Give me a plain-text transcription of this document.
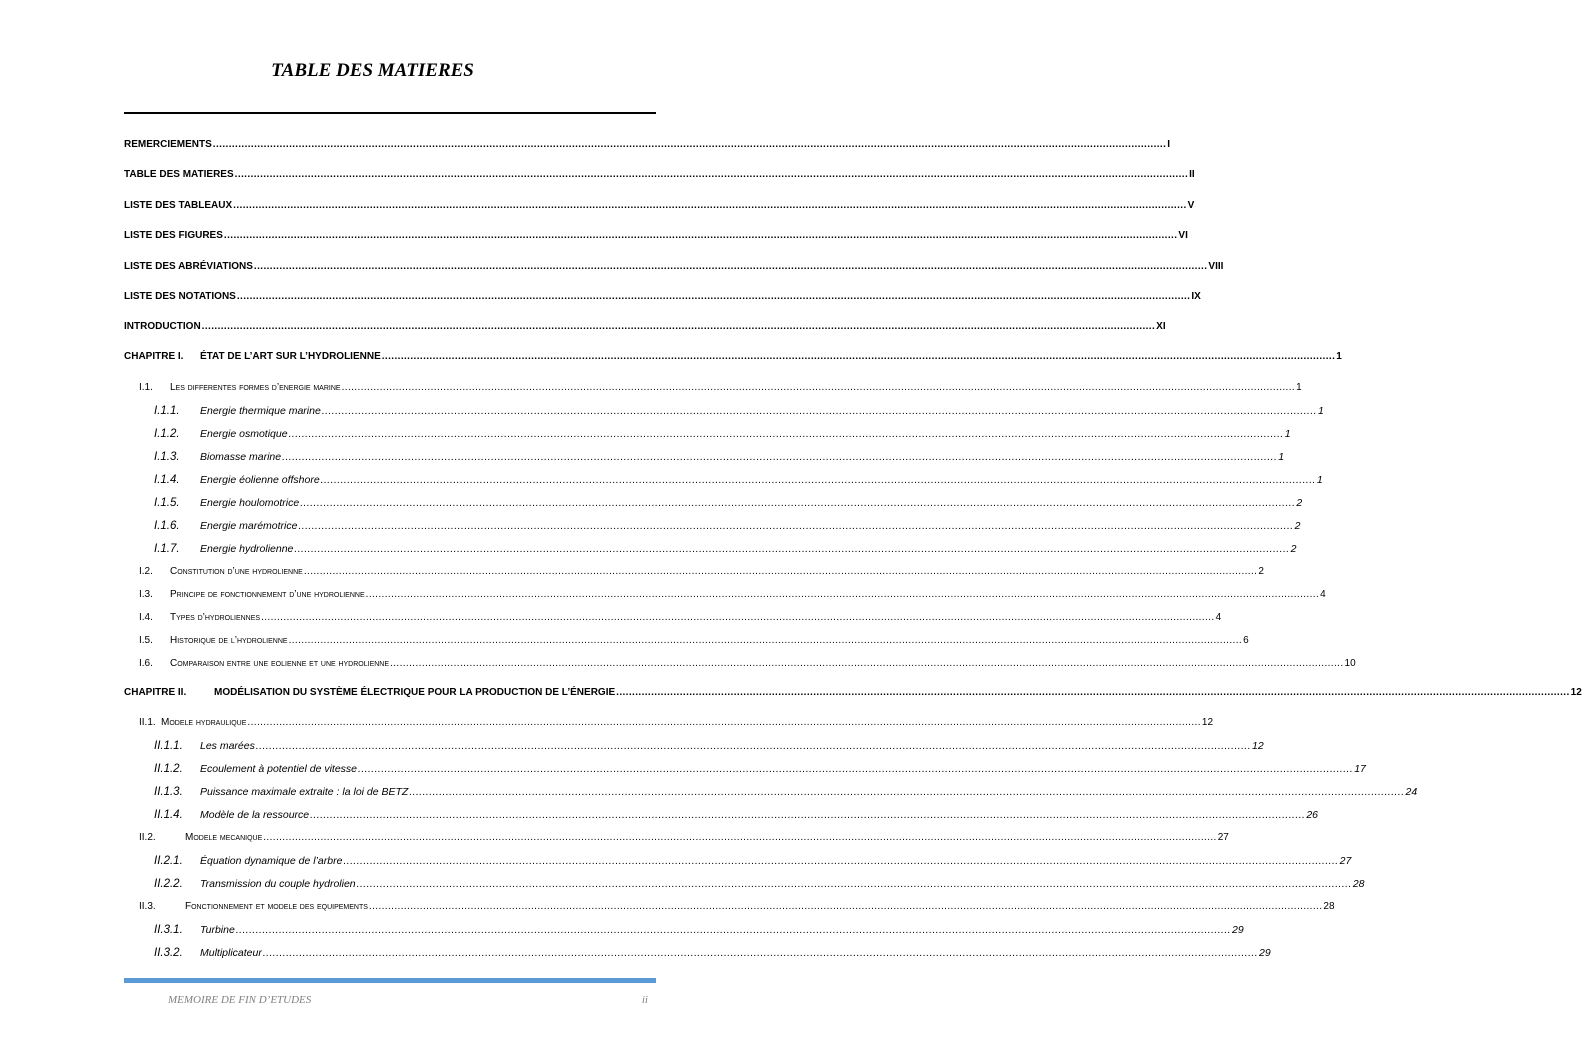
TABLE DES MATIERES
REMERCIEMENTS ............................................................................................................................................................................................................................................................................................................ I
TABLE DES MATIERES ............................................................................................................................................................................................................................................................................................................ II
LISTE DES TABLEAUX ............................................................................................................................................................................................................................................................................................................ V
LISTE DES FIGURES ............................................................................................................................................................................................................................................................................................................ VI
LISTE DES ABRÉVIATIONS ............................................................................................................................................................................................................................................................................................................ VIII
LISTE DES NOTATIONS ............................................................................................................................................................................................................................................................................................................ IX
INTRODUCTION ............................................................................................................................................................................................................................................................................................................ XI
CHAPITRE I.	ÉTAT DE L’ART SUR L’HYDROLIENNE ............................................................................................................................................................................................................................................................................................................ 1
I.1.	Les differentes formes d’energie marine ............................................................................................................................................................................................................................................................................................................ 1
I.1.1.	Energie thermique marine ............................................................................................................................................................................................................................................................................................................ 1
I.1.2.	Energie osmotique ............................................................................................................................................................................................................................................................................................................ 1
I.1.3.	Biomasse marine ............................................................................................................................................................................................................................................................................................................ 1
I.1.4.	Energie éolienne offshore ............................................................................................................................................................................................................................................................................................................ 1
I.1.5.	Energie houlomotrice ............................................................................................................................................................................................................................................................................................................ 2
I.1.6.	Energie marémotrice ............................................................................................................................................................................................................................................................................................................ 2
I.1.7.	Energie hydrolienne ............................................................................................................................................................................................................................................................................................................ 2
I.2.	Constitution d’une hydrolienne ............................................................................................................................................................................................................................................................................................................ 2
I.3.	Principe de fonctionnement d’une hydrolienne ............................................................................................................................................................................................................................................................................................................ 4
I.4.	Types d’hydroliennes ............................................................................................................................................................................................................................................................................................................ 4
I.5.	Historique de l’hydrolienne ............................................................................................................................................................................................................................................................................................................ 6
I.6.	Comparaison entre une eolienne et une hydrolienne ............................................................................................................................................................................................................................................................................................................ 10
CHAPITRE II.	MODÉLISATION DU SYSTÈME ÉLECTRIQUE POUR LA PRODUCTION DE L’ÉNERGIE ............................................................................................................................................................................................................................................................................................................ 12
II.1. Modele hydraulique ............................................................................................................................................................................................................................................................................................................ 12
II.1.1.	Les marées ............................................................................................................................................................................................................................................................................................................ 12
II.1.2.	Ecoulement à potentiel de vitesse ............................................................................................................................................................................................................................................................................................................ 17
II.1.3.	Puissance maximale extraite : la loi de BETZ ............................................................................................................................................................................................................................................................................................................ 24
II.1.4.	Modèle de la ressource ............................................................................................................................................................................................................................................................................................................ 26
II.2.	Modele mecanique ............................................................................................................................................................................................................................................................................................................ 27
II.2.1.	Équation dynamique de l’arbre ............................................................................................................................................................................................................................................................................................................ 27
II.2.2.	Transmission du couple hydrolien ............................................................................................................................................................................................................................................................................................................ 28
II.3.	Fonctionnement et modele des equipements ............................................................................................................................................................................................................................................................................................................ 28
II.3.1.	Turbine ............................................................................................................................................................................................................................................................................................................ 29
II.3.2.	Multiplicateur ............................................................................................................................................................................................................................................................................................................ 29
MEMOIRE DE FIN D’ETUDES	ii
